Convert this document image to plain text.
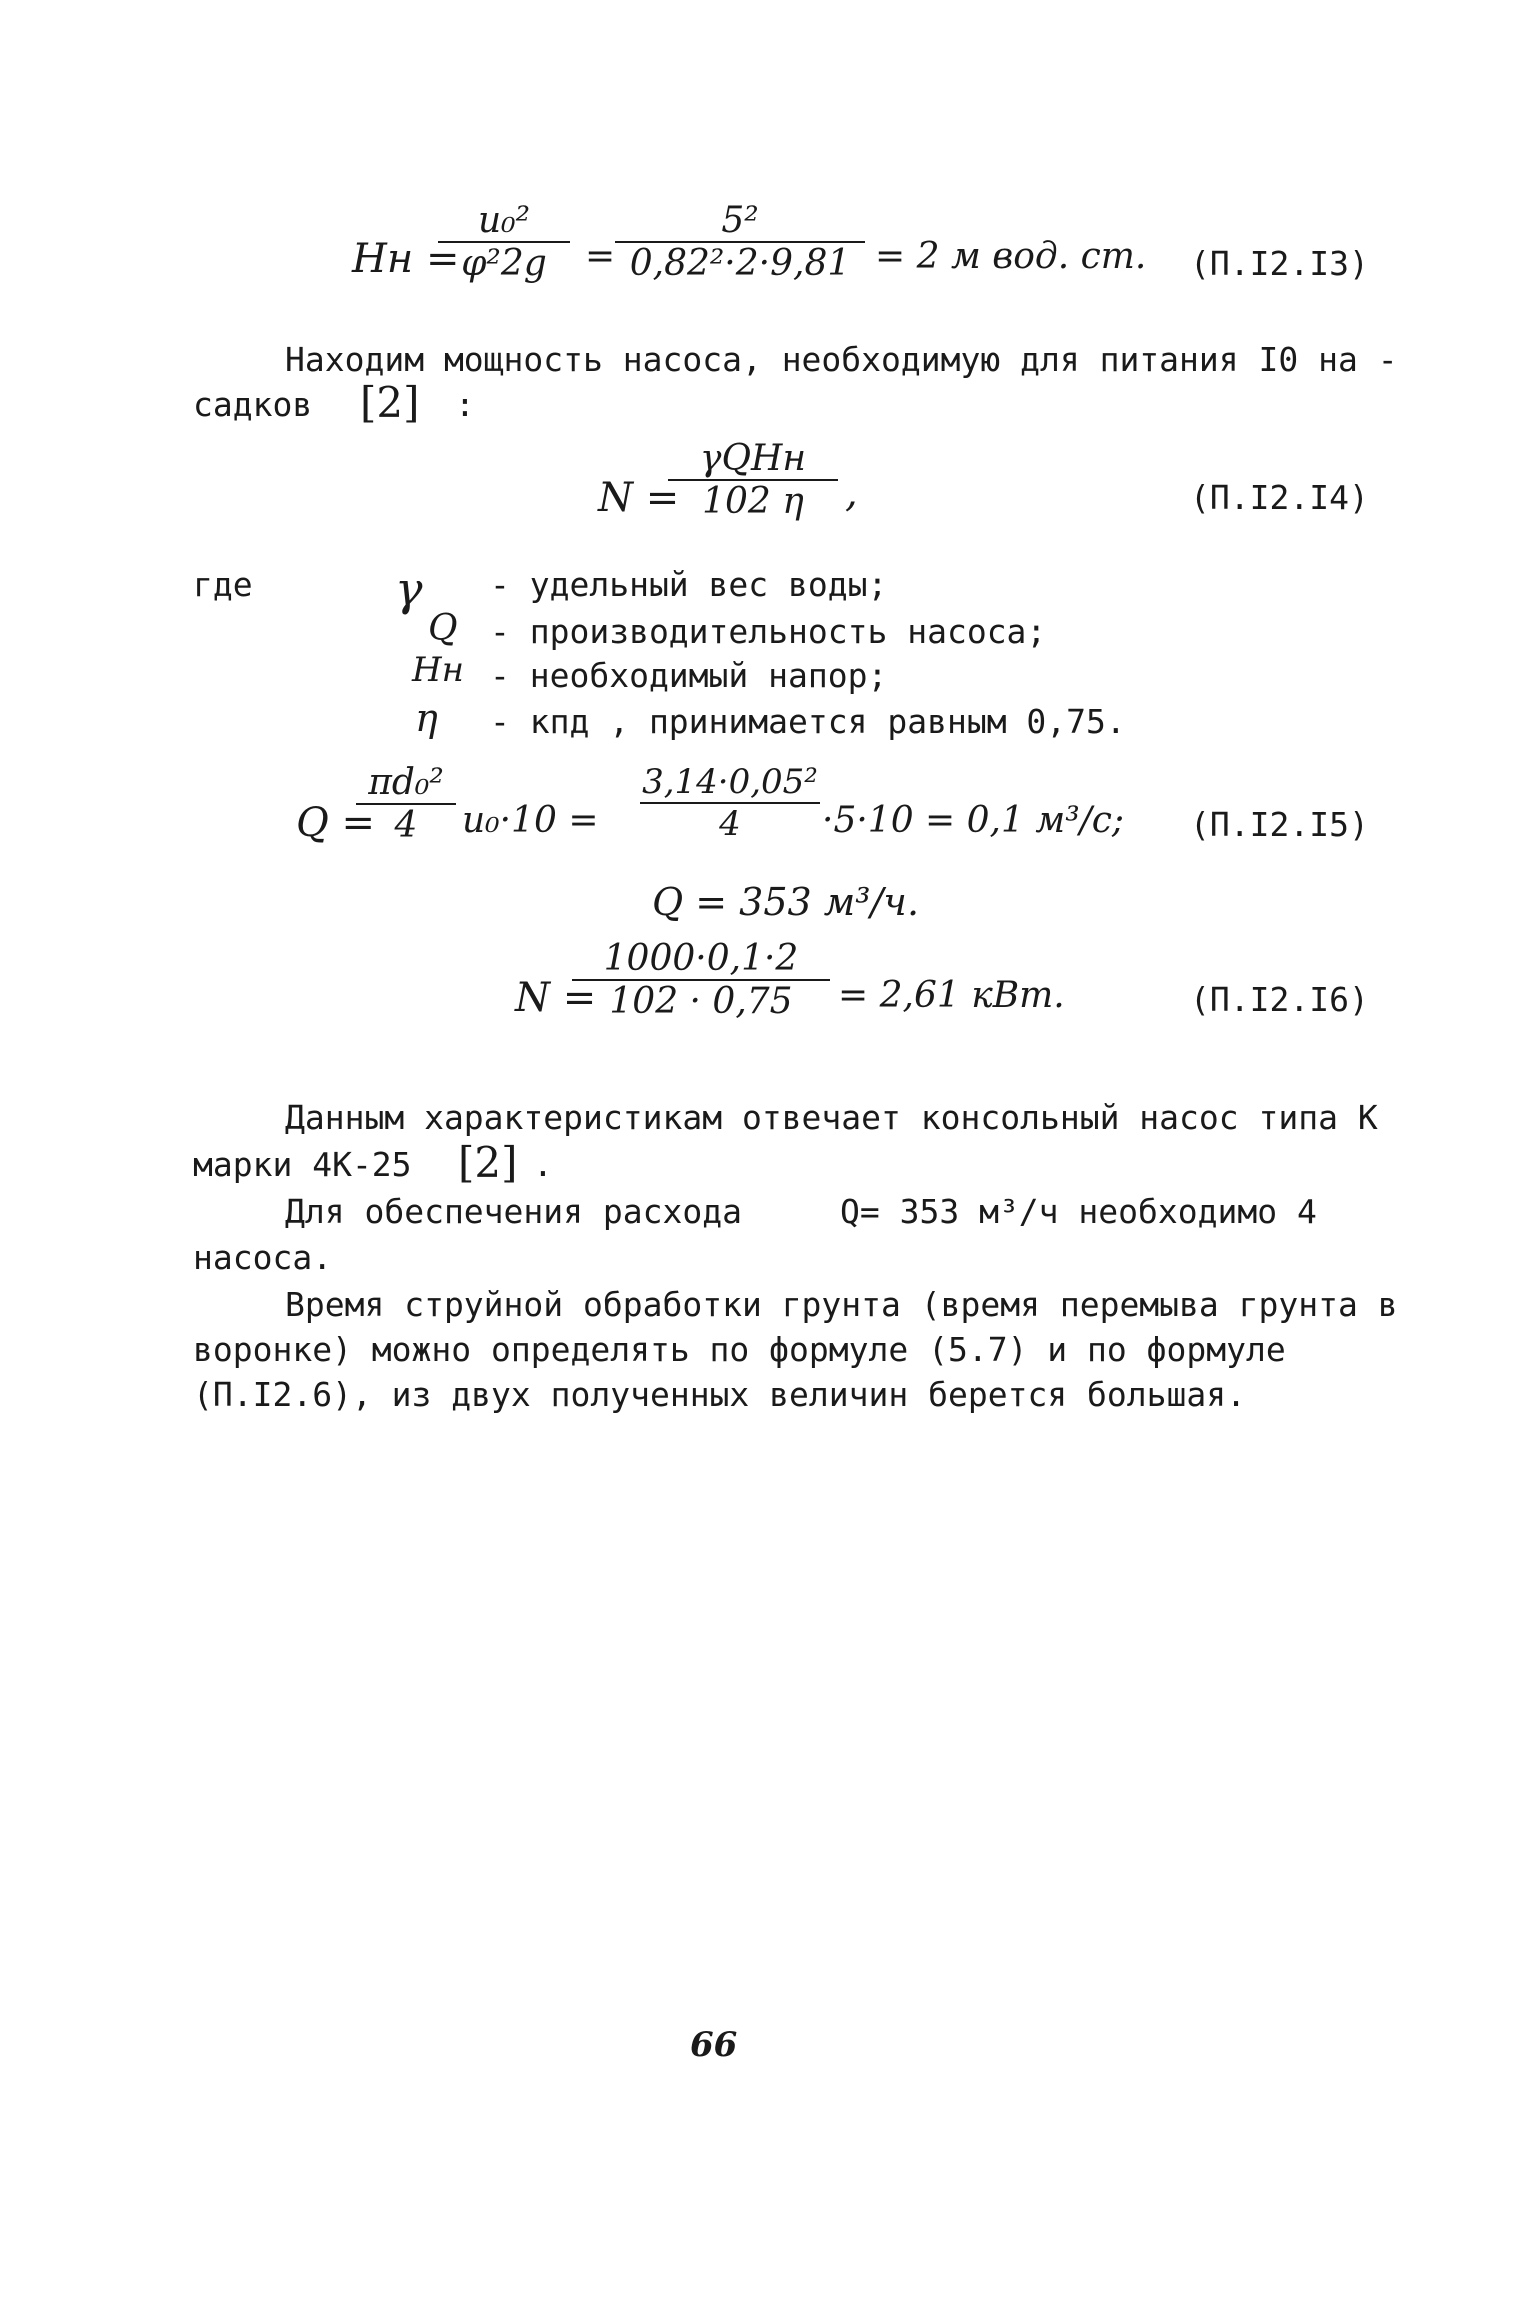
Hн =
u₀²
φ²2g	=
5²
0,82²·2·9,81 = 2 м вод. ст. (П.I2.I3)
Находим мощность насоса, необходимую для питания I0 на -
садков [2] :
N =
γQHн
102 η	,	(П.I2.I4)
где	γ - удельный вес воды;
Q - производительность насоса;
Hн - необходимый напор;
η - кпд , принимается равным 0,75.
Q =
πd₀²
4	u₀·10 =
3,14·0,05²
4	·5·10 = 0,1 м³/с; (П.I2.I5)
Q = 353 м³/ч.
N =
1000·0,1·2
102 · 0,75	= 2,61 кВт.	(П.I2.I6)
Данным характеристикам отвечает консольный насос типа К
марки 4К-25 [2] .
Для обеспечения расхода	Q= 353 м³/ч необходимо 4
насоса.
Время струйной обработки грунта (время перемыва грунта в
воронке) можно определять по формуле (5.7) и по формуле
(П.I2.6), из двух полученных величин берется большая.
66
